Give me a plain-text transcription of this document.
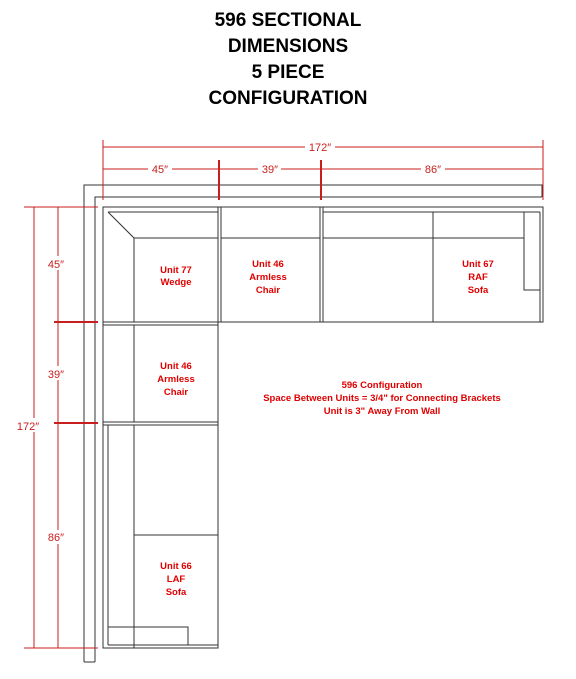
596 SECTIONAL
DIMENSIONS
5 PIECE
CONFIGURATION
172″
45″	39″	86″
172″
45″
39″
86″
Unit 77
Wedge
Unit 46
Armless
Chair
Unit 67
RAF
Sofa
Unit 46
Armless
Chair
Unit 66
LAF
Sofa
596 Configuration
Space Between Units = 3/4" for Connecting Brackets
Unit is 3" Away From Wall
